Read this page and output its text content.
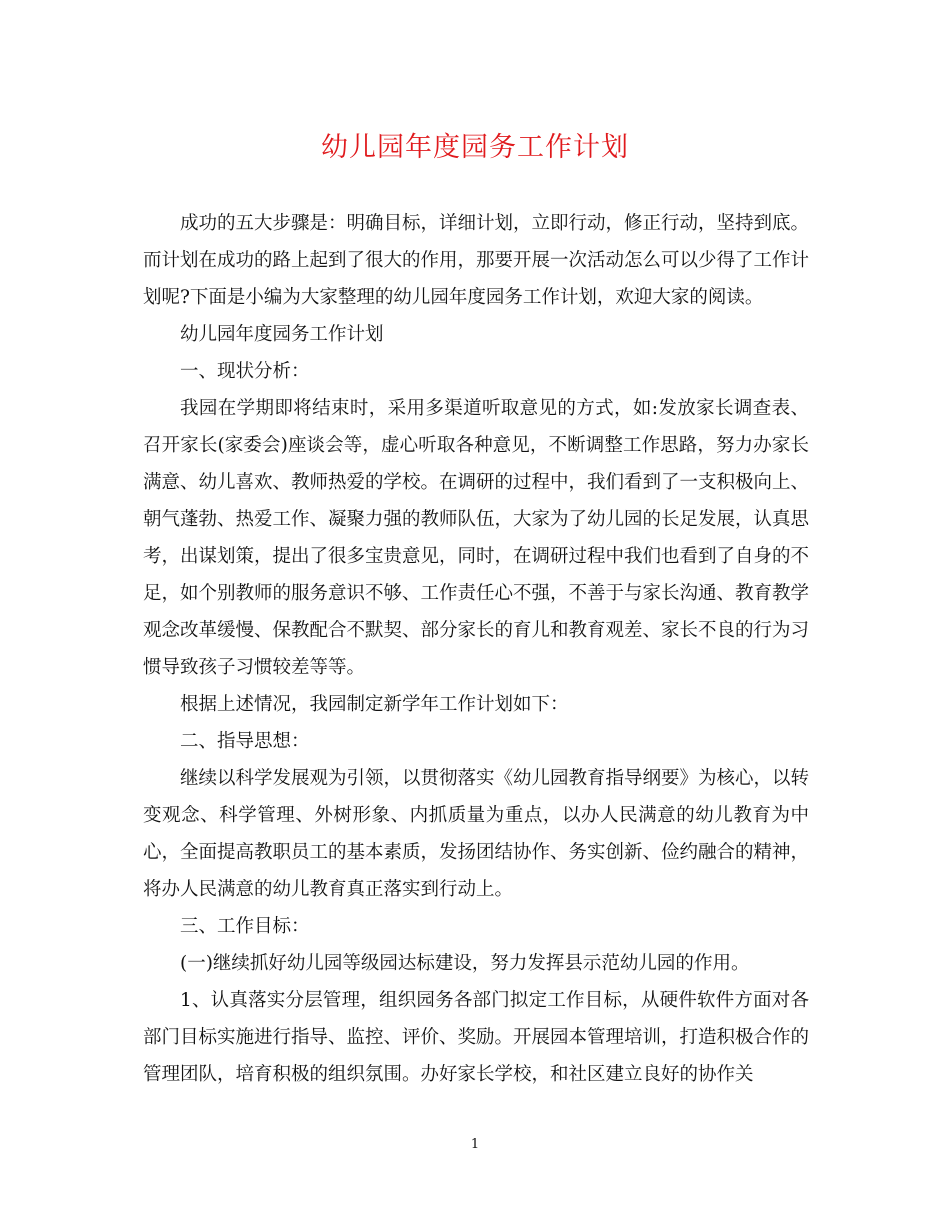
幼儿园年度园务工作计划

成功的五大步骤是：明确目标，详细计划，立即行动，修正行动，坚持到底。而计划在成功的路上起到了很大的作用，那要开展一次活动怎么可以少得了工作计划呢?下面是小编为大家整理的幼儿园年度园务工作计划，欢迎大家的阅读。

幼儿园年度园务工作计划

一、现状分析：

我园在学期即将结束时，采用多渠道听取意见的方式，如:发放家长调查表、召开家长(家委会)座谈会等，虚心听取各种意见，不断调整工作思路，努力办家长满意、幼儿喜欢、教师热爱的学校。在调研的过程中，我们看到了一支积极向上、朝气蓬勃、热爱工作、凝聚力强的教师队伍，大家为了幼儿园的长足发展，认真思考，出谋划策，提出了很多宝贵意见，同时，在调研过程中我们也看到了自身的不足，如个别教师的服务意识不够、工作责任心不强，不善于与家长沟通、教育教学观念改革缓慢、保教配合不默契、部分家长的育儿和教育观差、家长不良的行为习惯导致孩子习惯较差等等。

根据上述情况，我园制定新学年工作计划如下：

二、指导思想：

继续以科学发展观为引领，以贯彻落实《幼儿园教育指导纲要》为核心，以转变观念、科学管理、外树形象、内抓质量为重点，以办人民满意的幼儿教育为中心，全面提高教职员工的基本素质，发扬团结协作、务实创新、俭约融合的精神，将办人民满意的幼儿教育真正落实到行动上。

三、工作目标：

(一)继续抓好幼儿园等级园达标建设，努力发挥县示范幼儿园的作用。

1、认真落实分层管理，组织园务各部门拟定工作目标，从硬件软件方面对各部门目标实施进行指导、监控、评价、奖励。开展园本管理培训，打造积极合作的管理团队，培育积极的组织氛围。办好家长学校，和社区建立良好的协作关

1
